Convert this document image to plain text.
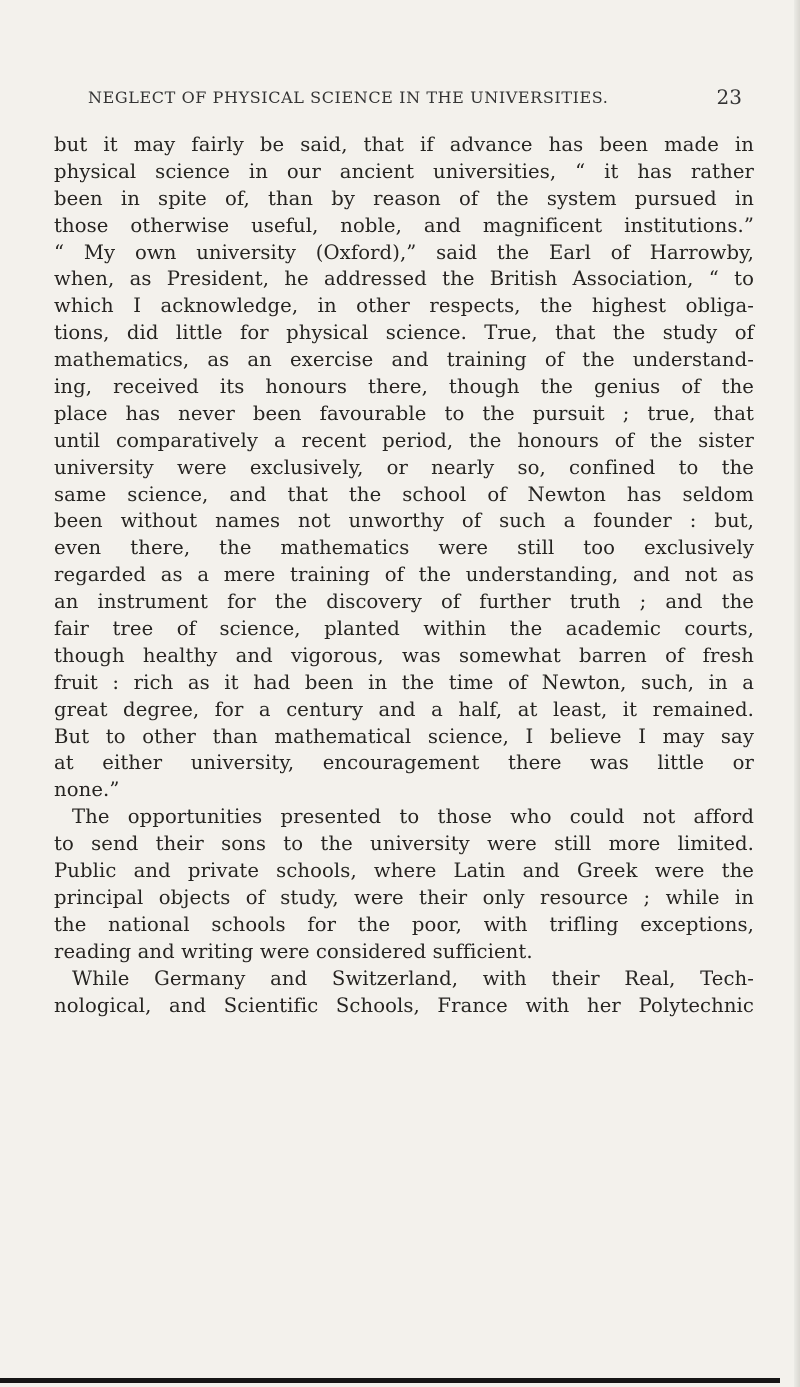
NEGLECT OF PHYSICAL SCIENCE IN THE UNIVERSITIES.	23
but it may fairly be said, that if advance has been made in
physical science in our ancient universities, “ it has rather
been in spite of, than by reason of the system pursued in
those otherwise useful, noble, and magnificent institutions.”
“ My own university (Oxford),” said the Earl of Harrowby,
when, as President, he addressed the British Association, “ to
which I acknowledge, in other respects, the highest obliga-
tions, did little for physical science. True, that the study of
mathematics, as an exercise and training of the understand-
ing, received its honours there, though the genius of the
place has never been favourable to the pursuit ; true, that
until comparatively a recent period, the honours of the sister
university were exclusively, or nearly so, confined to the
same science, and that the school of Newton has seldom
been without names not unworthy of such a founder : but,
even there, the mathematics were still too exclusively
regarded as a mere training of the understanding, and not as
an instrument for the discovery of further truth ; and the
fair tree of science, planted within the academic courts,
though healthy and vigorous, was somewhat barren of fresh
fruit : rich as it had been in the time of Newton, such, in a
great degree, for a century and a half, at least, it remained.
But to other than mathematical science, I believe I may say
at either university, encouragement there was little or
none.”
The opportunities presented to those who could not afford
to send their sons to the university were still more limited.
Public and private schools, where Latin and Greek were the
principal objects of study, were their only resource ; while in
the national schools for the poor, with trifling exceptions,
reading and writing were considered sufficient.
While Germany and Switzerland, with their Real, Tech-
nological, and Scientific Schools, France with her Polytechnic
